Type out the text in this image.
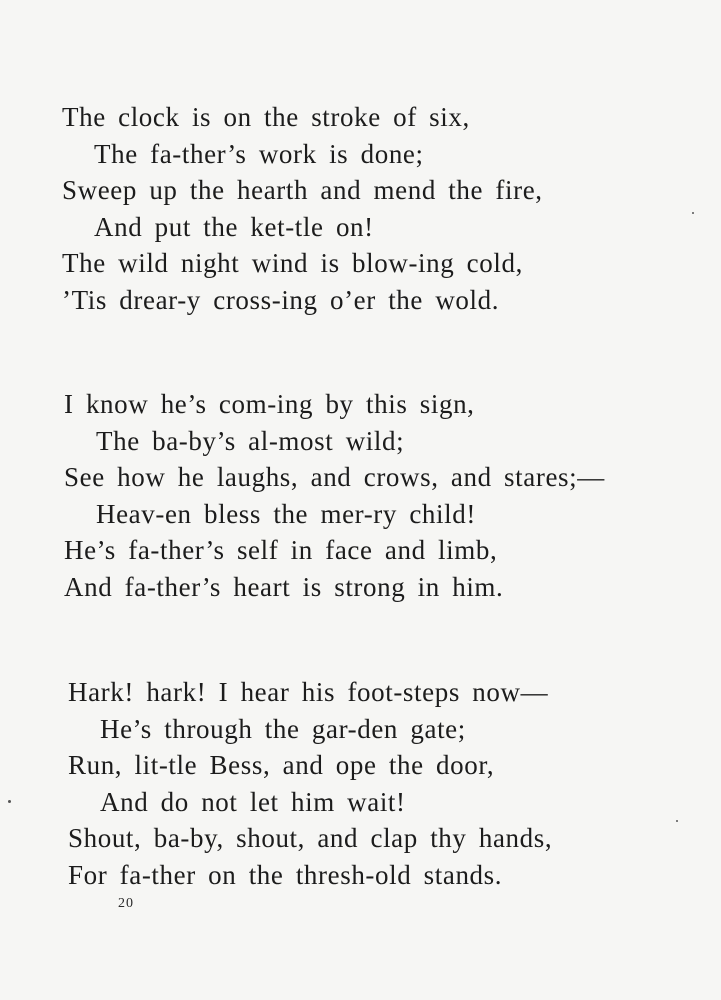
The clock is on the stroke of six,
The fa-ther’s work is done;
Sweep up the hearth and mend the fire,
And put the ket-tle on!
The wild night wind is blow-ing cold,
’Tis drear-y cross-ing o’er the wold.
I know he’s com-ing by this sign,
The ba-by’s al-most wild;
See how he laughs, and crows, and stares;—
Heav-en bless the mer-ry child!
He’s fa-ther’s self in face and limb,
And fa-ther’s heart is strong in him.
Hark! hark! I hear his foot-steps now—
He’s through the gar-den gate;
Run, lit-tle Bess, and ope the door,
And do not let him wait!
Shout, ba-by, shout, and clap thy hands,
For fa-ther on the thresh-old stands.
20
